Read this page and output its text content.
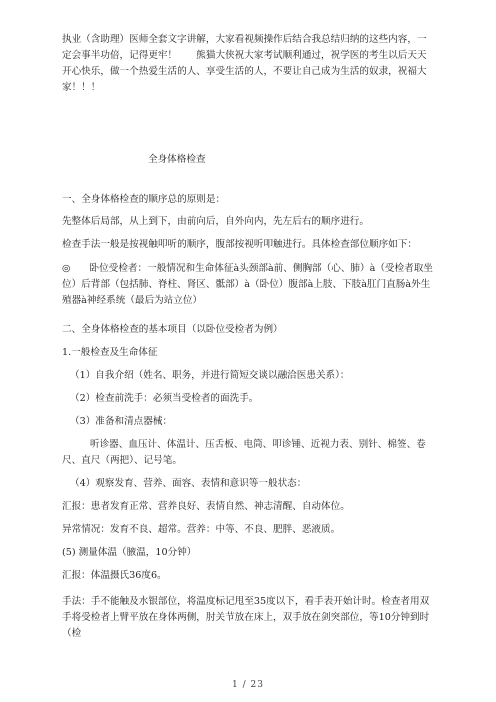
执业（含助理）医师全套文字讲解，大家看视频操作后结合我总结归纳的这些内容，一定会事半功倍，记得更牢！　　熊猫大侠祝大家考试顺利通过，祝学医的考生以后天天开心快乐，做一个热爱生活的人、享受生活的人，不要让自己成为生活的奴隶，祝福大家！！！

全身体格检查

一、全身体格检查的顺序总的原则是：

先整体后局部，从上到下，由前向后，自外向内，先左后右的顺序进行。

检查手法一般是按视触叩听的顺序，腹部按视听叩触进行。具体检查部位顺序如下：

◎　　卧位受检者：一般情况和生命体征à头颈部à前、侧胸部（心、肺）à（受检者取坐位）后背部（包括肺、脊柱、肾区、骶部）à（卧位）腹部à上肢、下肢à肛门直肠à外生殖器à神经系统（最后为站立位）

二、全身体格检查的基本项目（以卧位受检者为例）

1.一般检查及生命体征

（1）自我介绍（姓名、职务，并进行简短交谈以融洽医患关系）：

（2）检查前洗手：必须当受检者的面洗手。

（3）准备和清点器械：

听诊器、血压计、体温计、压舌板、电筒、叩诊锤、近视力表、别针、棉签、卷尺、直尺（两把）、记号笔。

（4）观察发育、营养、面容、表情和意识等一般状态：

汇报：患者发育正常、营养良好、表情自然、神志清醒、自动体位。

异常情况：发育不良、超常。营养：中等、不良、肥胖、恶液质。

(5) 测量体温（腋温，10分钟）

汇报：体温摄氏36度6。

手法：手不能触及水银部位，将温度标记甩至35度以下，看手表开始计时。检查者用双手将受检者上臂平放在身体两侧，肘关节放在床上，双手放在剑突部位，等10分钟到时（检

1 / 23
